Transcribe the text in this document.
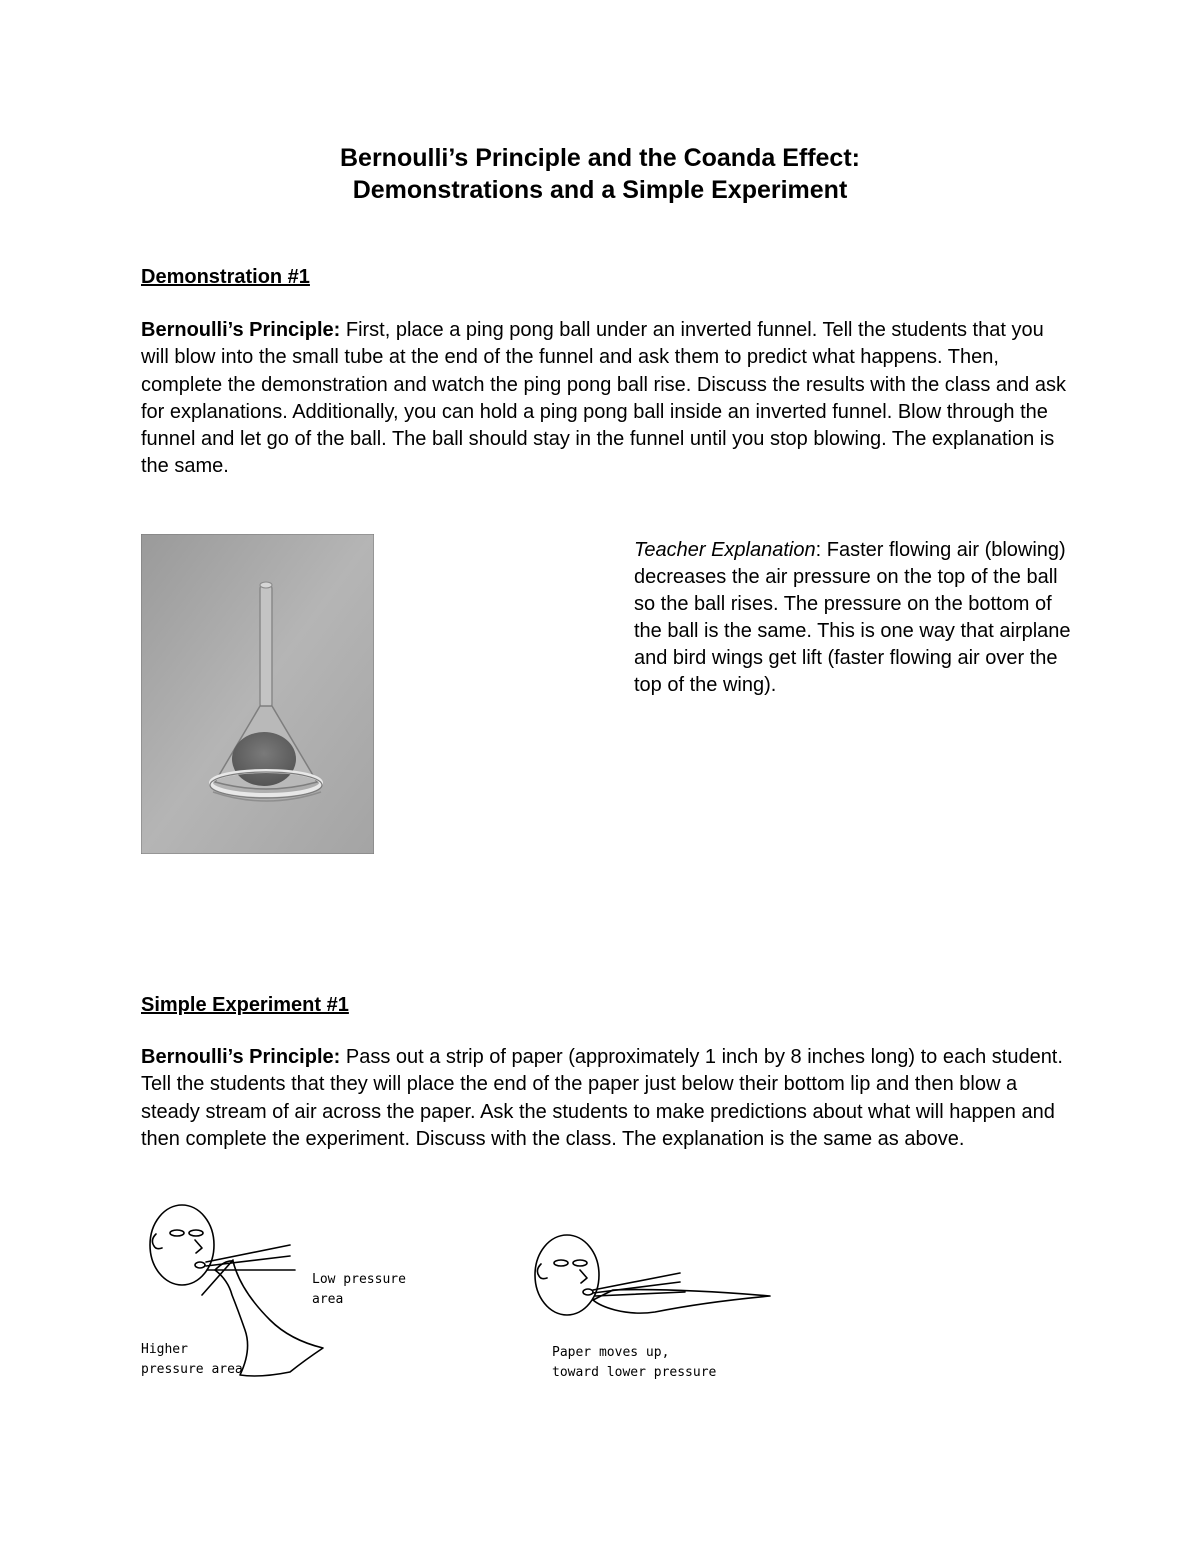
Bernoulli’s Principle and the Coanda Effect:
Demonstrations and a Simple Experiment
Demonstration #1

Bernoulli’s Principle: First, place a ping pong ball under an inverted funnel. Tell the students that you will blow into the small tube at the end of the funnel and ask them to predict what happens. Then, complete the demonstration and watch the ping pong ball rise. Discuss the results with the class and ask for explanations. Additionally, you can hold a ping pong ball inside an inverted funnel. Blow through the funnel and let go of the ball. The ball should stay in the funnel until you stop blowing. The explanation is the same.

Teacher Explanation: Faster flowing air (blowing) decreases the air pressure on the top of the ball so the ball rises. The pressure on the bottom of the ball is the same. This is one way that airplane and bird wings get lift (faster flowing air over the top of the wing).

Simple Experiment #1

Bernoulli’s Principle: Pass out a strip of paper (approximately 1 inch by 8 inches long) to each student. Tell the students that they will place the end of the paper just below their bottom lip and then blow a steady stream of air across the paper. Ask the students to make predictions about what will happen and then complete the experiment. Discuss with the class. The explanation is the same as above.

Low pressure
area
Higher
pressure area
Paper moves up,
toward lower pressure
